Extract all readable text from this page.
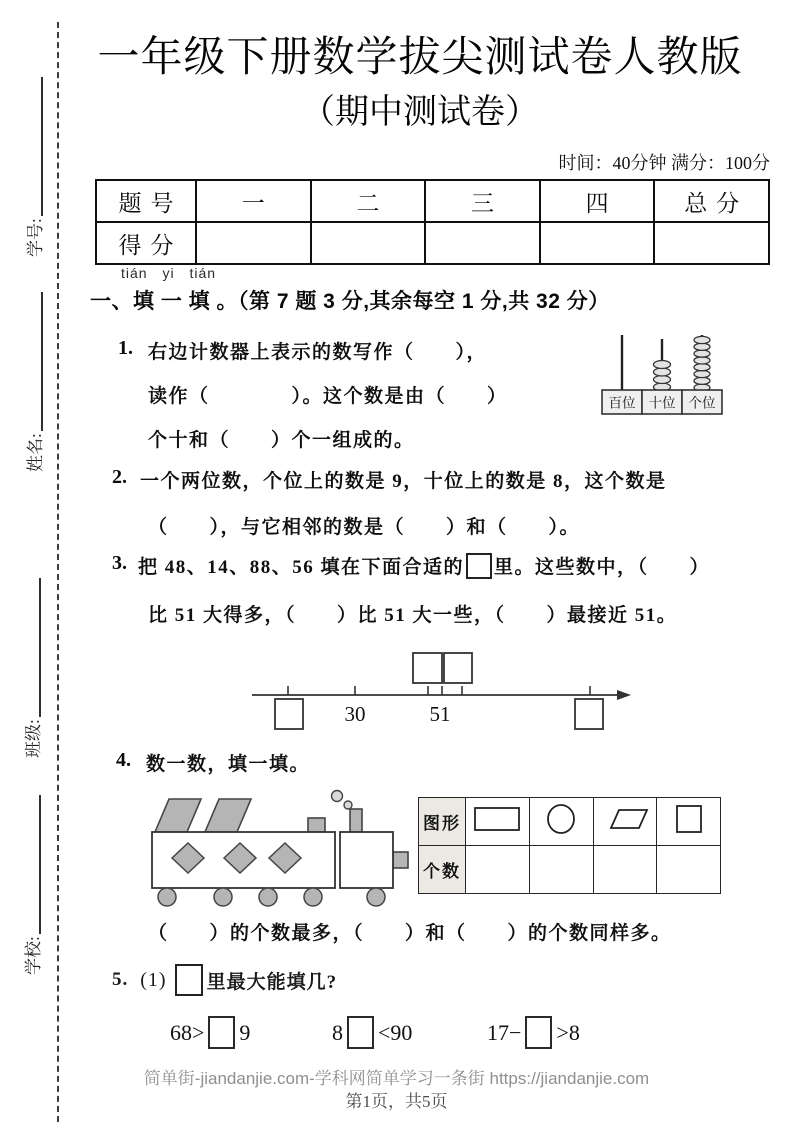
学号:
姓名:
班级:
学校:
一年级下册数学拔尖测试卷人教版
（期中测试卷）
时间：40分钟 满分：100分
题号	一	二	三	四	总分
得分					
tián yi tián
一、填 一 填 。（第 7 题 3 分,其余每空 1 分,共 32 分）
1. 右边计数器上表示的数写作（　　），
读作（　　　　）。这个数是由（　　）
个十和（　　）个一组成的。
百位 十位 个位
2. 一个两位数，个位上的数是 9，十位上的数是 8，这个数是
（　　），与它相邻的数是（　　）和（　　）。
3. 把 48、14、88、56 填在下面合适的 里。这些数中，（　　）
比 51 大得多，（　　）比 51 大一些，（　　）最接近 51。
30	51
4. 数一数，填一填。
图形				
个数				
（　　）的个数最多，（　　）和（　　）的个数同样多。
5. (1) 里最大能填几?
68> 9	8 <90	17− >8
简单街-jiandanjie.com-学科网简单学习一条街 https://jiandanjie.com
第1页，共5页
